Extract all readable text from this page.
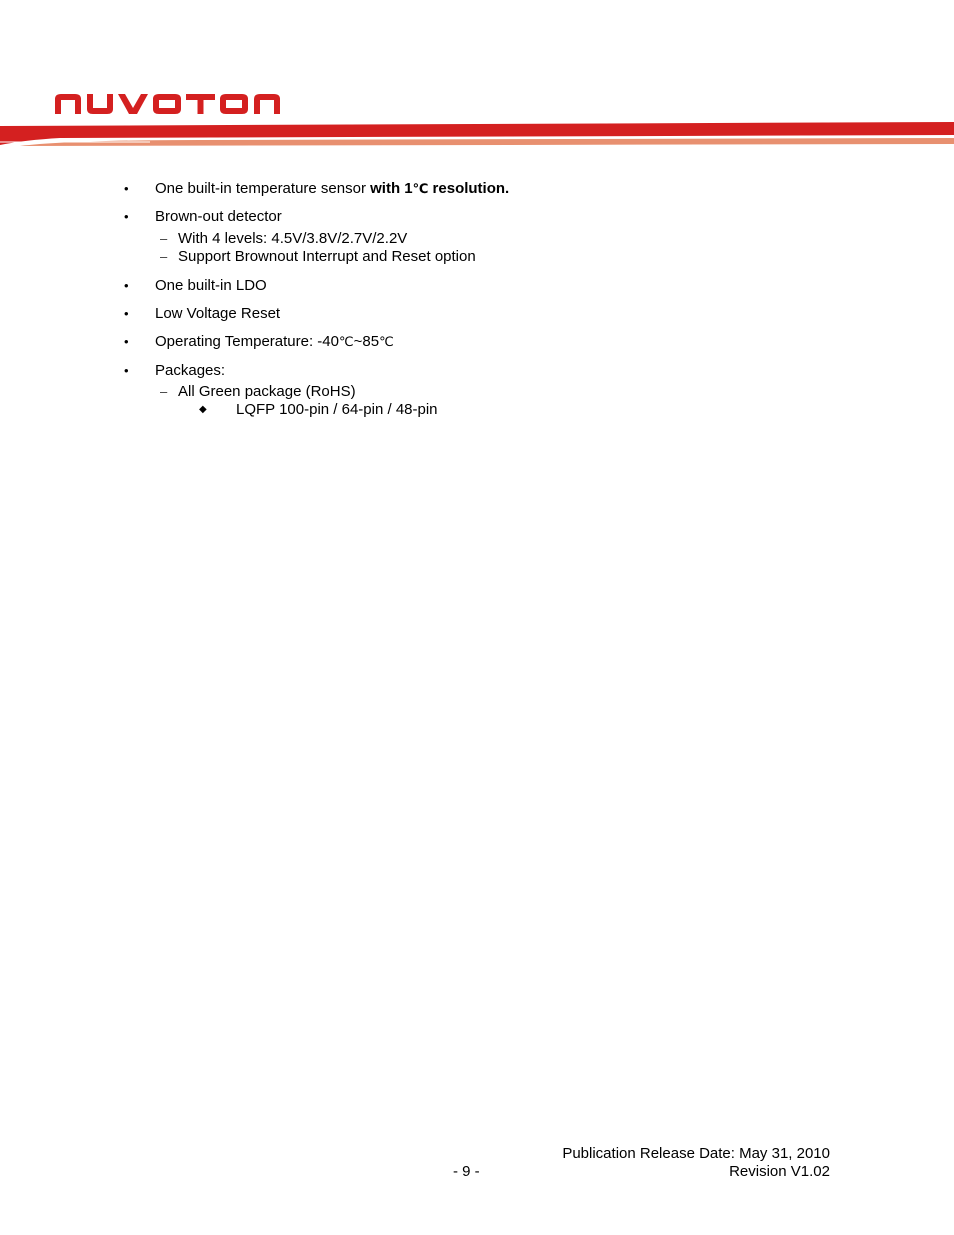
• One built-in temperature sensor with 1℃ resolution.
• Brown-out detector
– With 4 levels: 4.5V/3.8V/2.7V/2.2V
– Support Brownout Interrupt and Reset option
• One built-in LDO
• Low Voltage Reset
• Operating Temperature: -40℃~85℃
• Packages:
– All Green package (RoHS)
◆ LQFP 100-pin / 64-pin / 48-pin
Publication Release Date: May 31, 2010
- 9 -	Revision V1.02
